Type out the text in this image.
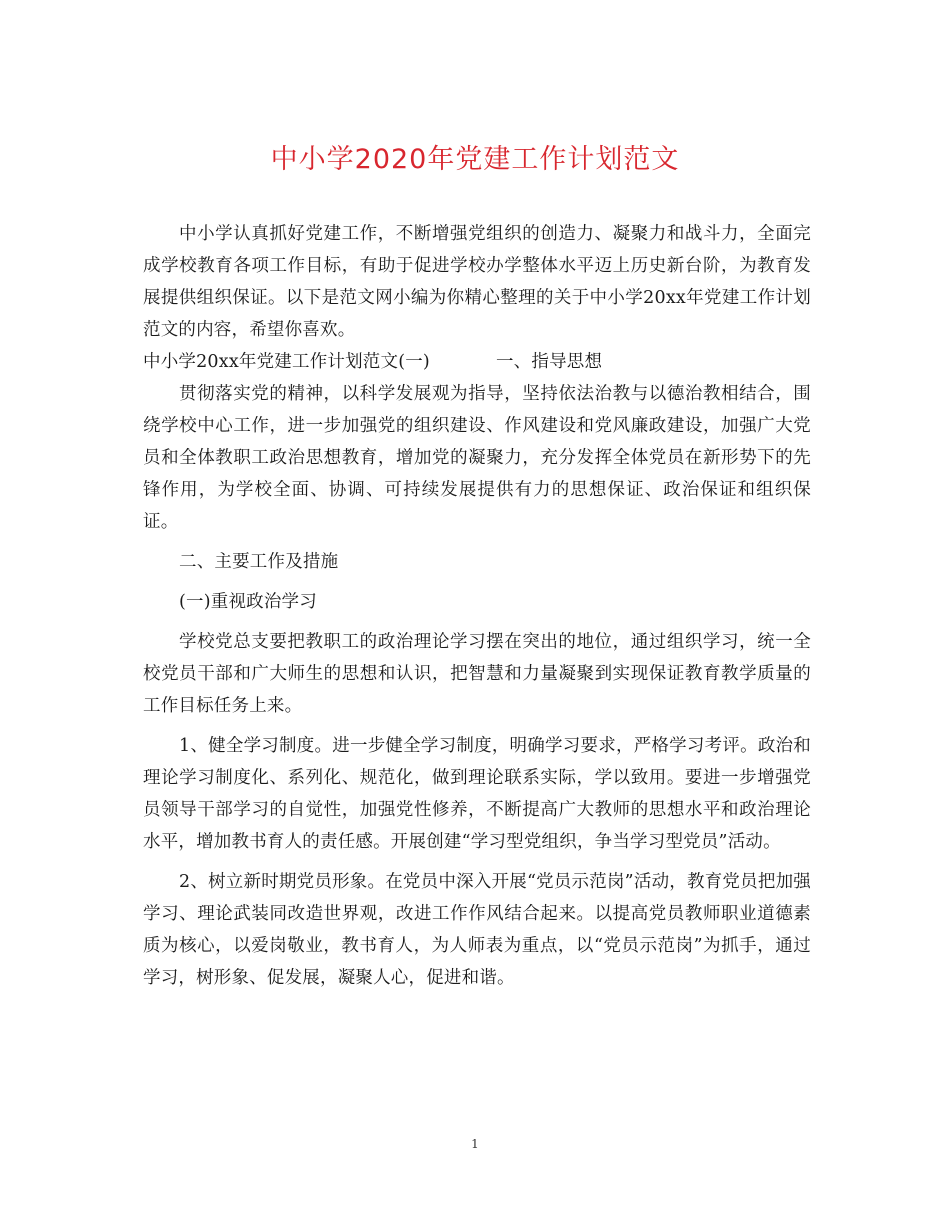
中小学2020年党建工作计划范文

中小学认真抓好党建工作，不断增强党组织的创造力、凝聚力和战斗力，全面完成学校教育各项工作目标，有助于促进学校办学整体水平迈上历史新台阶，为教育发展提供组织保证。以下是范文网小编为你精心整理的关于中小学20xx年党建工作计划范文的内容，希望你喜欢。

中小学20xx年党建工作计划范文(一)	一、指导思想

贯彻落实党的精神，以科学发展观为指导，坚持依法治教与以德治教相结合，围绕学校中心工作，进一步加强党的组织建设、作风建设和党风廉政建设，加强广大党员和全体教职工政治思想教育，增加党的凝聚力，充分发挥全体党员在新形势下的先锋作用，为学校全面、协调、可持续发展提供有力的思想保证、政治保证和组织保证。

二、主要工作及措施

(一)重视政治学习

学校党总支要把教职工的政治理论学习摆在突出的地位，通过组织学习，统一全校党员干部和广大师生的思想和认识，把智慧和力量凝聚到实现保证教育教学质量的工作目标任务上来。

1、健全学习制度。进一步健全学习制度，明确学习要求，严格学习考评。政治和理论学习制度化、系列化、规范化，做到理论联系实际，学以致用。要进一步增强党员领导干部学习的自觉性，加强党性修养，不断提高广大教师的思想水平和政治理论水平，增加教书育人的责任感。开展创建“学习型党组织，争当学习型党员”活动。

2、树立新时期党员形象。在党员中深入开展“党员示范岗”活动，教育党员把加强学习、理论武装同改造世界观，改进工作作风结合起来。以提高党员教师职业道德素质为核心，以爱岗敬业，教书育人，为人师表为重点，以“党员示范岗”为抓手，通过学习，树形象、促发展，凝聚人心，促进和谐。

1
